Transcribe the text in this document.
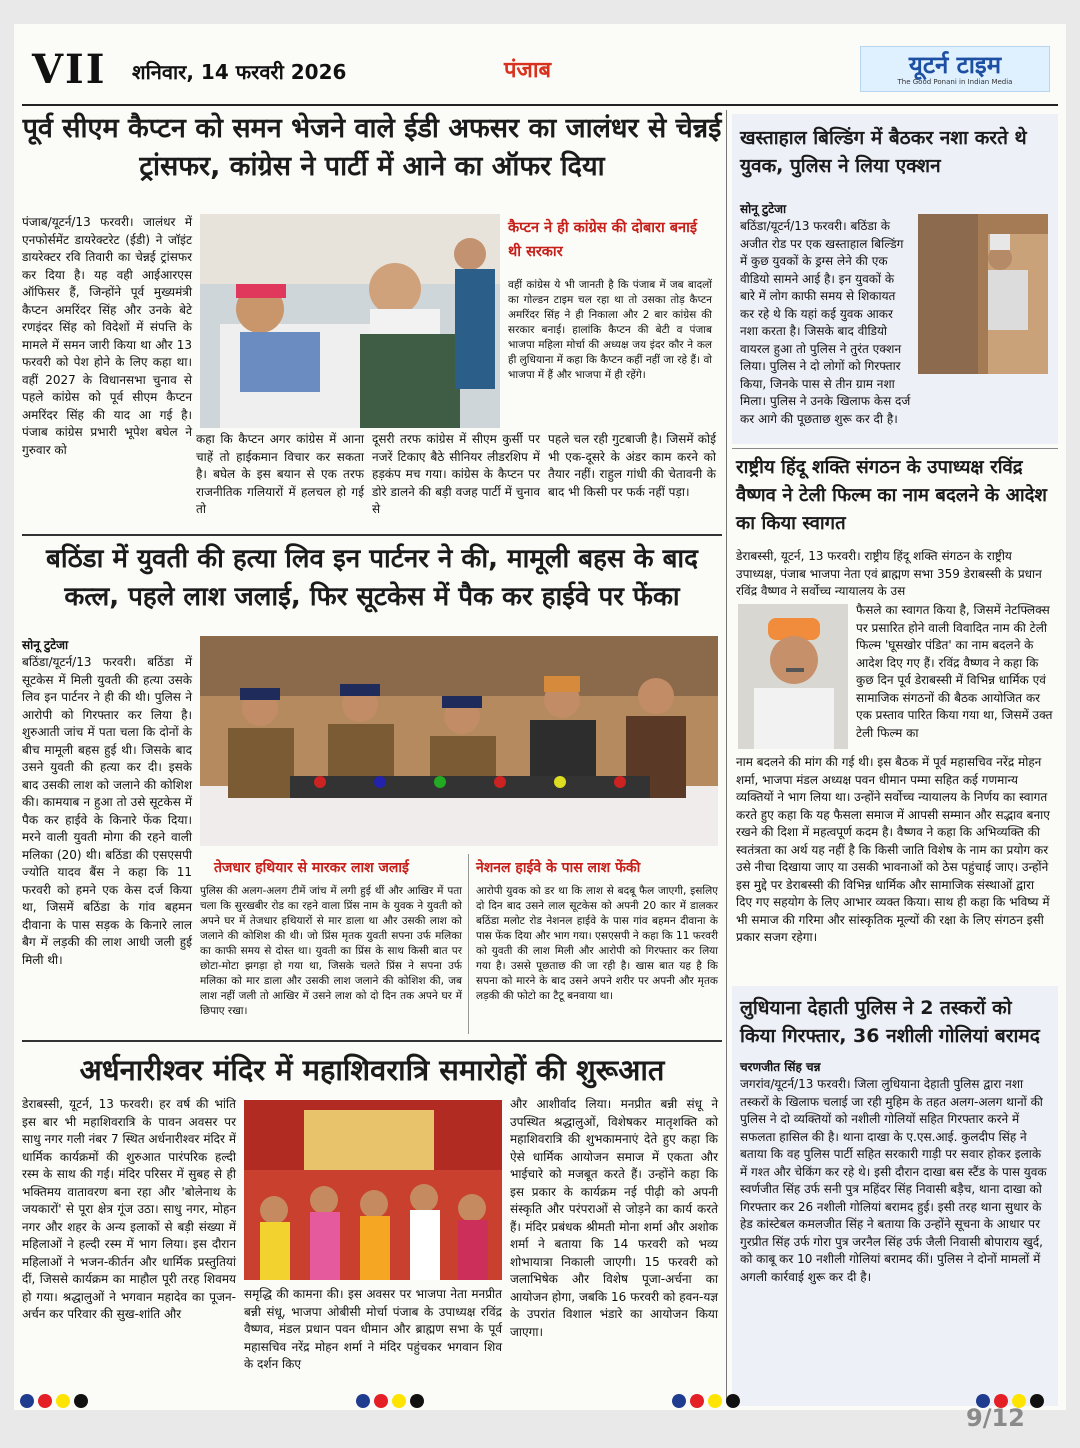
VII शनिवार, 14 फरवरी 2026	पंजाब	यूटर्न टाइम
The Good Ponani in Indian Media
पूर्व सीएम कैप्टन को समन भेजने वाले ईडी अफसर का जालंधर से चेन्नई ट्रांसफर, कांग्रेस ने पार्टी में आने का ऑफर दिया
पंजाब/यूटर्न/13 फरवरी। जालंधर में एनफोर्समेंट डायरेक्टरेट (ईडी) ने जॉइंट डायरेक्टर रवि तिवारी का चेन्नई ट्रांसफर कर दिया है। यह वही आईआरएस ऑफिसर हैं, जिन्होंने पूर्व मुख्यमंत्री कैप्टन अमरिंदर सिंह और उनके बेटे रणइंदर सिंह को विदेशों में संपत्ति के मामले में समन जारी किया था और 13 फरवरी को पेश होने के लिए कहा था। वहीं 2027 के विधानसभा चुनाव से पहले कांग्रेस को पूर्व सीएम कैप्टन अमरिंदर सिंह की याद आ गई है। पंजाब कांग्रेस प्रभारी भूपेश बघेल ने गुरुवार को
कैप्टन ने ही कांग्रेस की दोबारा बनाई थी सरकार
वहीं कांग्रेस ये भी जानती है कि पंजाब में जब बादलों का गोल्डन टाइम चल रहा था तो उसका तोड़ कैप्टन अमरिंदर सिंह ने ही निकाला और 2 बार कांग्रेस की सरकार बनाई। हालांकि कैप्टन की बेटी व पंजाब भाजपा महिला मोर्चा की अध्यक्ष जय इंदर कौर ने कल ही लुधियाना में कहा कि कैप्टन कहीं नहीं जा रहे हैं। वो भाजपा में हैं और भाजपा में ही रहेंगे।
कहा कि कैप्टन अगर कांग्रेस में आना चाहें तो हाईकमान विचार कर सकता है। बघेल के इस बयान से एक तरफ राजनीतिक गलियारों में हलचल हो गई तो
दूसरी तरफ कांग्रेस में सीएम कुर्सी पर नजरें टिकाए बैठे सीनियर लीडरशिप में हड़कंप मच गया। कांग्रेस के कैप्टन पर डोरे डालने की बड़ी वजह पार्टी में चुनाव से
पहले चल रही गुटबाजी है। जिसमें कोई भी एक-दूसरे के अंडर काम करने को तैयार नहीं। राहुल गांधी की चेतावनी के बाद भी किसी पर फर्क नहीं पड़ा।
बठिंडा में युवती की हत्या लिव इन पार्टनर ने की, मामूली बहस के बाद कत्ल, पहले लाश जलाई, फिर सूटकेस में पैक कर हाईवे पर फेंका
सोनू टुटेजा
बठिंडा/यूटर्न/13 फरवरी। बठिंडा में सूटकेस में मिली युवती की हत्या उसके लिव इन पार्टनर ने ही की थी। पुलिस ने आरोपी को गिरफ्तार कर लिया है। शुरुआती जांच में पता चला कि दोनों के बीच मामूली बहस हुई थी। जिसके बाद उसने युवती की हत्या कर दी। इसके बाद उसकी लाश को जलाने की कोशिश की। कामयाब न हुआ तो उसे सूटकेस में पैक कर हाईवे के किनारे फेंक दिया। मरने वाली युवती मोगा की रहने वाली मलिका (20) थी। बठिंडा की एसएसपी ज्योति यादव बैंस ने कहा कि 11 फरवरी को हमने एक केस दर्ज किया था, जिसमें बठिंडा के गांव बहमन दीवाना के पास सड़क के किनारे लाल बैग में लड़की की लाश आधी जली हुई मिली थी।
तेजधार हथियार से मारकर लाश जलाई
पुलिस की अलग-अलग टीमें जांच में लगी हुई थीं और आखिर में पता चला कि सुरखबीर रोड का रहने वाला प्रिंस नाम के युवक ने युवती को अपने घर में तेजधार हथियारों से मार डाला था और उसकी लाश को जलाने की कोशिश की थी। जो प्रिंस मृतक युवती सपना उर्फ मलिका का काफी समय से दोस्त था। युवती का प्रिंस के साथ किसी बात पर छोटा-मोटा झगड़ा हो गया था, जिसके चलते प्रिंस ने सपना उर्फ मलिका को मार डाला और उसकी लाश जलाने की कोशिश की, जब लाश नहीं जली तो आखिर में उसने लाश को दो दिन तक अपने घर में छिपाए रखा।
नेशनल हाईवे के पास लाश फेंकी
आरोपी युवक को डर था कि लाश से बदबू फैल जाएगी, इसलिए दो दिन बाद उसने लाल सूटकेस को अपनी 20 कार में डालकर बठिंडा मलोट रोड नेशनल हाईवे के पास गांव बहमन दीवाना के पास फेंक दिया और भाग गया। एसएसपी ने कहा कि 11 फरवरी को युवती की लाश मिली और आरोपी को गिरफ्तार कर लिया गया है। उससे पूछताछ की जा रही है। खास बात यह है कि सपना को मारने के बाद उसने अपने शरीर पर अपनी और मृतक लड़की की फोटो का टैटू बनवाया था।
अर्धनारीश्वर मंदिर में महाशिवरात्रि समारोहों की शुरूआत
डेराबस्सी, यूटर्न, 13 फरवरी। हर वर्ष की भांति इस बार भी महाशिवरात्रि के पावन अवसर पर साधु नगर गली नंबर 7 स्थित अर्धनारीश्वर मंदिर में धार्मिक कार्यक्रमों की शुरुआत पारंपरिक हल्दी रस्म के साथ की गई। मंदिर परिसर में सुबह से ही भक्तिमय वातावरण बना रहा और 'बोलेनाथ के जयकारों' से पूरा क्षेत्र गूंज उठा। साधु नगर, मोहन नगर और शहर के अन्य इलाकों से बड़ी संख्या में महिलाओं ने हल्दी रस्म में भाग लिया। इस दौरान महिलाओं ने भजन-कीर्तन और धार्मिक प्रस्तुतियां दीं, जिससे कार्यक्रम का माहौल पूरी तरह शिवमय हो गया। श्रद्धालुओं ने भगवान महादेव का पूजन-अर्चन कर परिवार की सुख-शांति और
समृद्धि की कामना की। इस अवसर पर भाजपा नेता मनप्रीत बन्नी संधू, भाजपा ओबीसी मोर्चा पंजाब के उपाध्यक्ष रविंद्र वैष्णव, मंडल प्रधान पवन धीमान और ब्राह्मण सभा के पूर्व महासचिव नरेंद्र मोहन शर्मा ने मंदिर पहुंचकर भगवान शिव के दर्शन किए
और आशीर्वाद लिया। मनप्रीत बन्नी संधू ने उपस्थित श्रद्धालुओं, विशेषकर मातृशक्ति को महाशिवरात्रि की शुभकामनाएं देते हुए कहा कि ऐसे धार्मिक आयोजन समाज में एकता और भाईचारे को मजबूत करते हैं। उन्होंने कहा कि इस प्रकार के कार्यक्रम नई पीढ़ी को अपनी संस्कृति और परंपराओं से जोड़ने का कार्य करते हैं। मंदिर प्रबंधक श्रीमती मोना शर्मा और अशोक शर्मा ने बताया कि 14 फरवरी को भव्य शोभायात्रा निकाली जाएगी। 15 फरवरी को जलाभिषेक और विशेष पूजा-अर्चना का आयोजन होगा, जबकि 16 फरवरी को हवन-यज्ञ के उपरांत विशाल भंडारे का आयोजन किया जाएगा।
खस्ताहाल बिल्डिंग में बैठकर नशा करते थे युवक, पुलिस ने लिया एक्शन
सोनू टुटेजा
बठिंडा/यूटर्न/13 फरवरी। बठिंडा के अजीत रोड पर एक खस्ताहाल बिल्डिंग में कुछ युवकों के ड्रग्स लेने की एक वीडियो सामने आई है। इन युवकों के बारे में लोग काफी समय से शिकायत कर रहे थे कि यहां कई युवक आकर नशा करता है। जिसके बाद वीडियो वायरल हुआ तो पुलिस ने तुरंत एक्शन लिया। पुलिस ने दो लोगों को गिरफ्तार किया, जिनके पास से तीन ग्राम नशा मिला। पुलिस ने उनके खिलाफ केस दर्ज कर आगे की पूछताछ शुरू कर दी है।
राष्ट्रीय हिंदू शक्ति संगठन के उपाध्यक्ष रविंद्र वैष्णव ने टेली फिल्म का नाम बदलने के आदेश का किया स्वागत
डेराबस्सी, यूटर्न, 13 फरवरी। राष्ट्रीय हिंदू शक्ति संगठन के राष्ट्रीय उपाध्यक्ष, पंजाब भाजपा नेता एवं ब्राह्मण सभा 359 डेराबस्सी के प्रधान रविंद्र वैष्णव ने सर्वोच्च न्यायालय के उस
फैसले का स्वागत किया है, जिसमें नेटफ्लिक्स पर प्रसारित होने वाली विवादित नाम की टेली फिल्म 'घूसखोर पंडित' का नाम बदलने के आदेश दिए गए हैं। रविंद्र वैष्णव ने कहा कि कुछ दिन पूर्व डेराबस्सी में विभिन्न धार्मिक एवं सामाजिक संगठनों की बैठक आयोजित कर एक प्रस्ताव पारित किया गया था, जिसमें उक्त टेली फिल्म का
नाम बदलने की मांग की गई थी। इस बैठक में पूर्व महासचिव नरेंद्र मोहन शर्मा, भाजपा मंडल अध्यक्ष पवन धीमान पम्मा सहित कई गणमान्य व्यक्तियों ने भाग लिया था। उन्होंने सर्वोच्च न्यायालय के निर्णय का स्वागत करते हुए कहा कि यह फैसला समाज में आपसी सम्मान और सद्भाव बनाए रखने की दिशा में महत्वपूर्ण कदम है। वैष्णव ने कहा कि अभिव्यक्ति की स्वतंत्रता का अर्थ यह नहीं है कि किसी जाति विशेष के नाम का प्रयोग कर उसे नीचा दिखाया जाए या उसकी भावनाओं को ठेस पहुंचाई जाए। उन्होंने इस मुद्दे पर डेराबस्सी की विभिन्न धार्मिक और सामाजिक संस्थाओं द्वारा दिए गए सहयोग के लिए आभार व्यक्त किया। साथ ही कहा कि भविष्य में भी समाज की गरिमा और सांस्कृतिक मूल्यों की रक्षा के लिए संगठन इसी प्रकार सजग रहेगा।
लुधियाना देहाती पुलिस ने 2 तस्करों को किया गिरफ्तार, 36 नशीली गोलियां बरामद
चरणजीत सिंह चन्न
जगरांव/यूटर्न/13 फरवरी। जिला लुधियाना देहाती पुलिस द्वारा नशा तस्करों के खिलाफ चलाई जा रही मुहिम के तहत अलग-अलग थानों की पुलिस ने दो व्यक्तियों को नशीली गोलियों सहित गिरफ्तार करने में सफलता हासिल की है। थाना दाखा के ए.एस.आई. कुलदीप सिंह ने बताया कि वह पुलिस पार्टी सहित सरकारी गाड़ी पर सवार होकर इलाके में गश्त और चेकिंग कर रहे थे। इसी दौरान दाखा बस स्टैंड के पास युवक स्वर्णजीत सिंह उर्फ सनी पुत्र महिंदर सिंह निवासी बड़ैच, थाना दाखा को गिरफ्तार कर 26 नशीली गोलियां बरामद हुई। इसी तरह थाना सुधार के हेड कांस्टेबल कमलजीत सिंह ने बताया कि उन्होंने सूचना के आधार पर गुरप्रीत सिंह उर्फ गोरा पुत्र जरनैल सिंह उर्फ जैली निवासी बोपाराय खुर्द, को काबू कर 10 नशीली गोलियां बरामद कीं। पुलिस ने दोनों मामलों में अगली कार्रवाई शुरू कर दी है।
9/12
